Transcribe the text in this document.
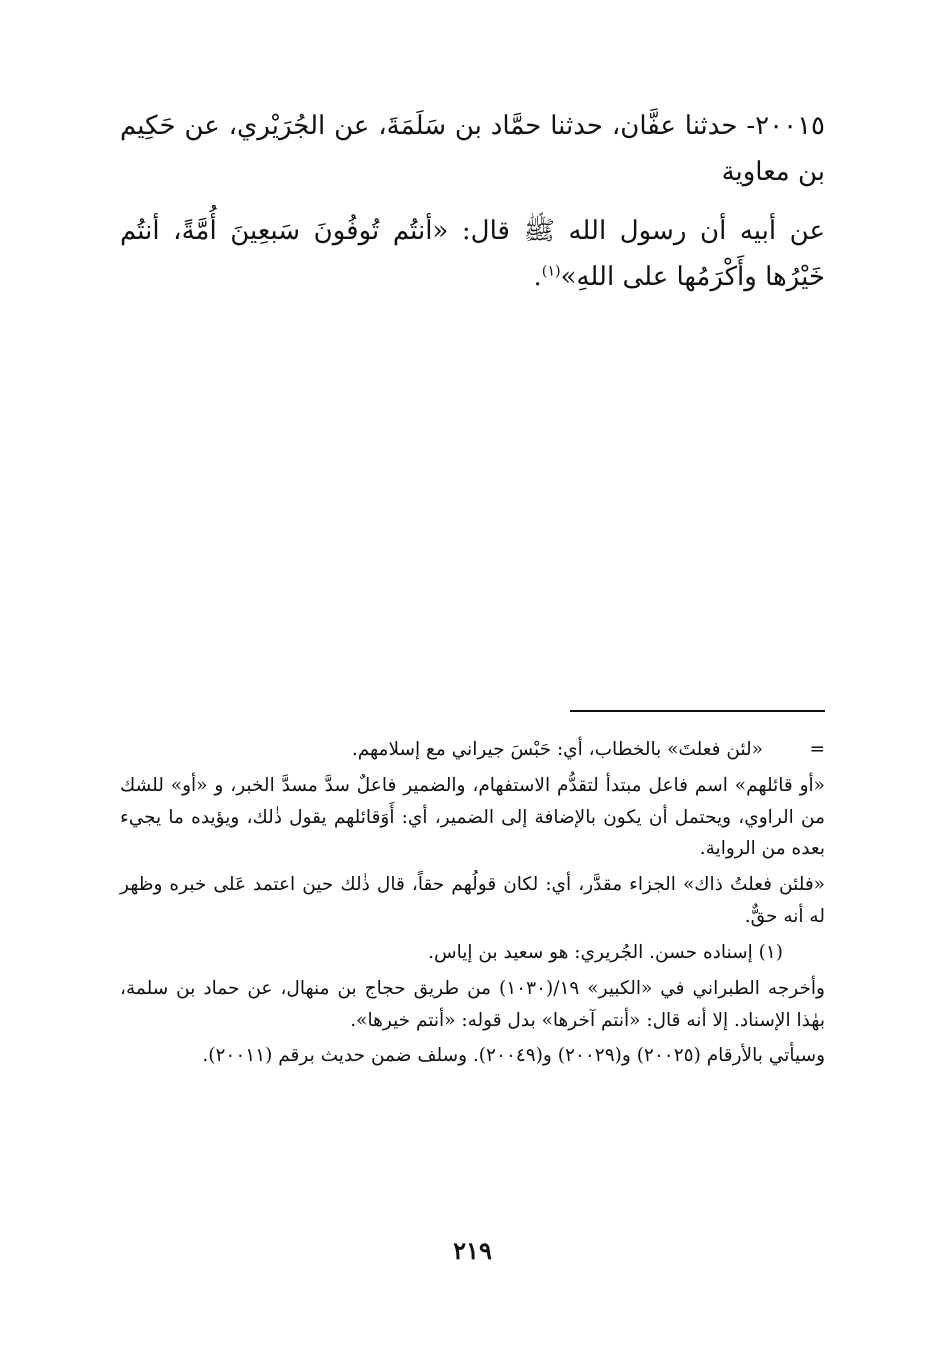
٢٠٠١٥- حدثنا عفَّان، حدثنا حمَّاد بن سَلَمَةَ، عن الجُرَيْري، عن حَكِيم بن معاوية

عن أبيه أن رسول الله ﷺ قال: «أنتُم تُوفُونَ سَبعِينَ أُمَّةً، أنتُم خَيْرُها وأَكْرَمُها على اللهِ»$^{(١)}$.

=
«لئن فعلتَ» بالخطاب، أي: حَبْسَ جيراني مع إسلامهم.

«أو قائلهم» اسم فاعل مبتدأ لتقدُّم الاستفهام، والضمير فاعلٌ سدَّ مسدَّ الخبر، و «أو» للشك من الراوي، ويحتمل أن يكون بالإضافة إلى الضمير، أي: أَوَقائلهم يقول ذٰلك، ويؤيده ما يجيء بعده من الرواية.

«فلئن فعلتُ ذاك» الجزاء مقدَّر، أي: لكان قولُهم حقاً، قال ذٰلك حين اعتمد عَلى خبره وظهر له أنه حقٌّ.

(١) إسناده حسن. الجُريري: هو سعيد بن إياس.

وأخرجه الطبراني في «الكبير» ١٩/(١٠٣٠) من طريق حجاج بن منهال، عن حماد بن سلمة، بهٰذا الإسناد. إلا أنه قال: «أنتم آخرها» بدل قوله: «أنتم خيرها».

وسيأتي بالأرقام (٢٠٠٢٥) و(٢٠٠٢٩) و(٢٠٠٤٩). وسلف ضمن حديث برقم (٢٠٠١١).

٢١٩
